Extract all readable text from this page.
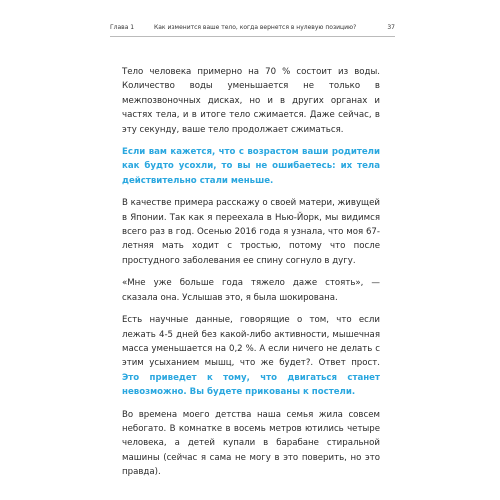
Глава 1	Как изменится ваше тело, когда вернется в нулевую позицию?	37

Тело человека примерно на 70 % состоит из воды. Количество воды уменьшается не только в межпозвоночных дисках, но и в других органах и частях тела, и в итоге тело сжимается. Даже сейчас, в эту секунду, ваше тело продолжает сжиматься.

Если вам кажется, что с возрастом ваши родители как будто усохли, то вы не ошибаетесь: их тела действительно стали меньше.

В качестве примера расскажу о своей матери, живущей в Японии. Так как я переехала в Нью-Йорк, мы видимся всего раз в год. Осенью 2016 года я узнала, что моя 67-летняя мать ходит с тростью, потому что после простудного заболевания ее спину согнуло в дугу.

«Мне уже больше года тяжело даже стоять», — сказала она. Услышав это, я была шокирована.

Есть научные данные, говорящие о том, что если лежать 4-5 дней без какой-либо активности, мышечная масса уменьшается на 0,2 %. А если ничего не делать с этим усыханием мышц, что же будет?. Ответ прост. Это приведет к тому, что двигаться станет невозможно. Вы будете прикованы к постели.

Во времена моего детства наша семья жила совсем небогато. В комнатке в восемь метров ютились четыре человека, а детей купали в барабане стиральной машины (сейчас я сама не могу в это поверить, но это правда).
